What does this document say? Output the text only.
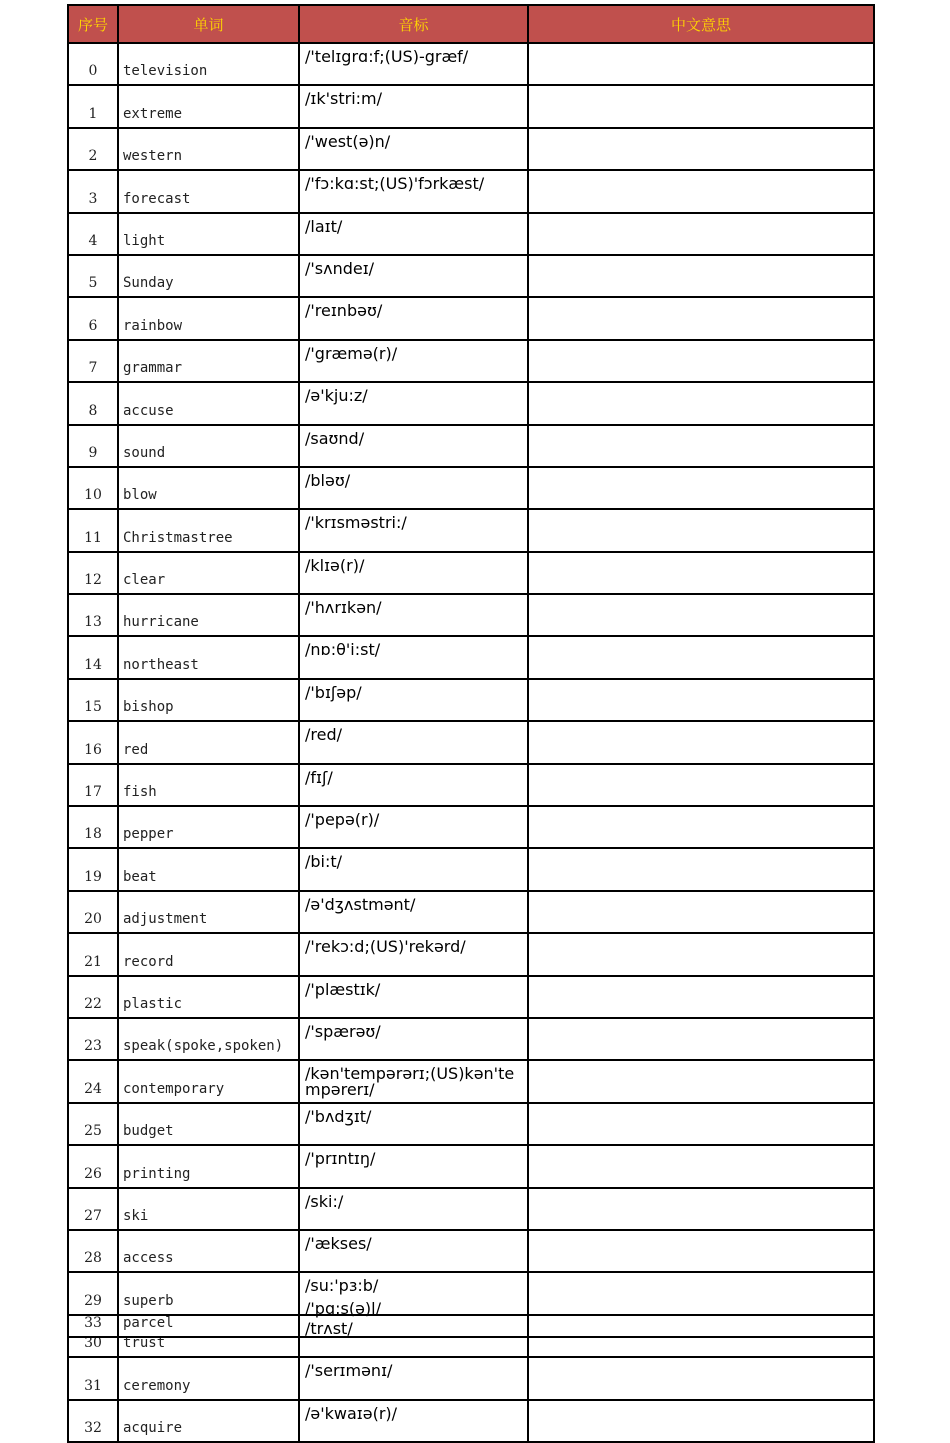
序号	单词	音标	中文意思
0	television	/'telɪgrɑ:f;(US)-græf/	
1	extreme	/ɪk'stri:m/	
2	western	/'west(ə)n/	
3	forecast	/'fɔ:kɑ:st;(US)'fɔrkæst/	
4	light	/laɪt/	
5	Sunday	/'sʌndeɪ/	
6	rainbow	/'reɪnbəʊ/	
7	grammar	/'græmə(r)/	
8	accuse	/ə'kju:z/	
9	sound	/saʊnd/	
10	blow	/bləʊ/	
11	Christmastree	/'krɪsməstri:/	
12	clear	/klɪə(r)/	
13	hurricane	/'hʌrɪkən/	
14	northeast	/nɒ:θ'i:st/	
15	bishop	/'bɪʃəp/	
16	red	/red/	
17	fish	/fɪʃ/	
18	pepper	/'pepə(r)/	
19	beat	/bi:t/	
20	adjustment	/ə'dʒʌstmənt/	
21	record	/'rekɔ:d;(US)'rekərd/	
22	plastic	/'plæstɪk/	
23	speak(spoke,spoken)	/'spærəʊ/	
24	contemporary	/kən'tempərərɪ;(US)kən'tempərerɪ/	
25	budget	/'bʌdʒɪt/	
26	printing	/'prɪntɪŋ/	
27	ski	/ski:/	
28	access	/'ækses/	
29	superb	/su:'pɜ:b/	
30	trust	/trʌst/	
31	ceremony	/'serɪmənɪ/	
32	acquire	/ə'kwaɪə(r)/	
33	parcel	/'pɑ:s(ə)l/	
